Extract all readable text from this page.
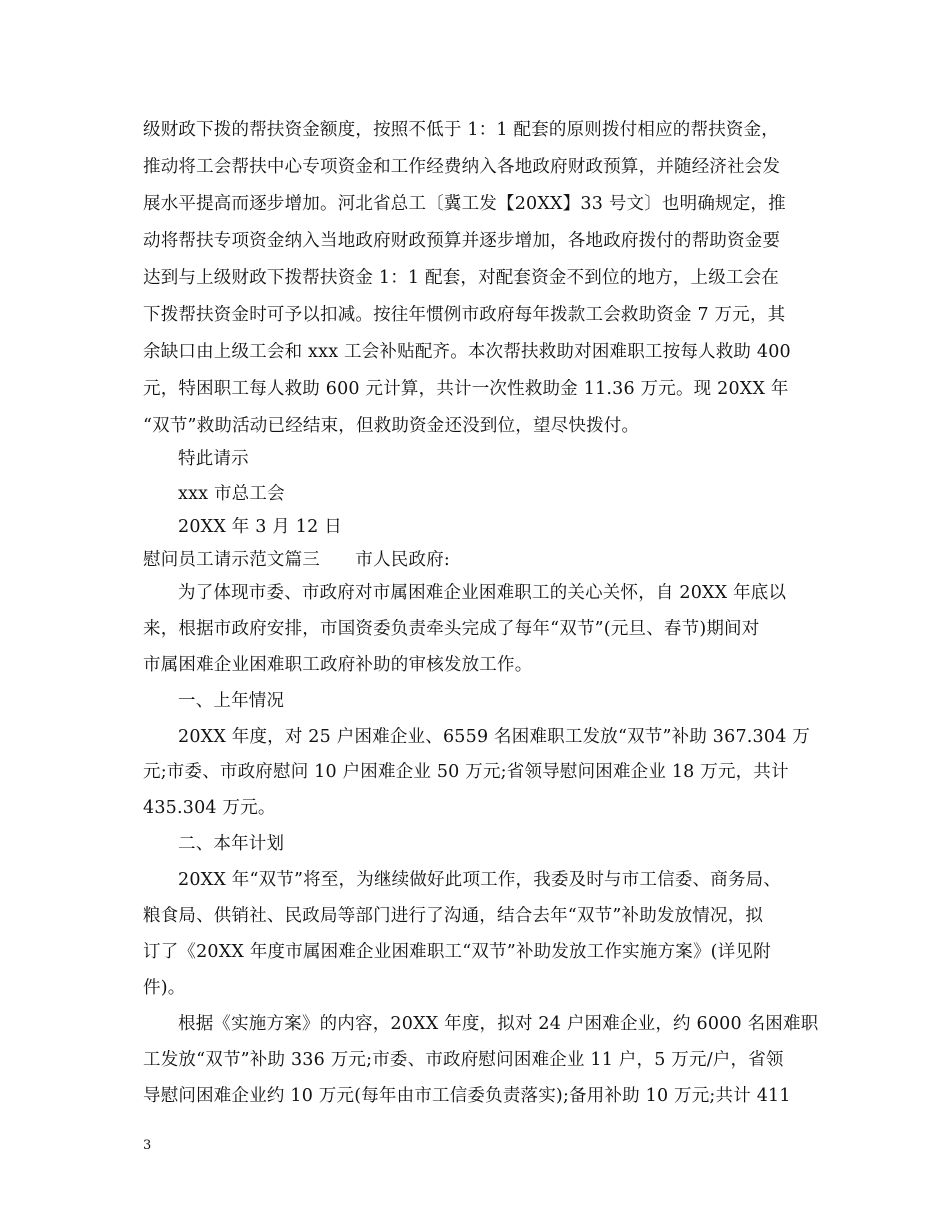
级财政下拨的帮扶资金额度，按照不低于 1：1 配套的原则拨付相应的帮扶资金，
推动将工会帮扶中心专项资金和工作经费纳入各地政府财政预算，并随经济社会发
展水平提高而逐步增加。河北省总工〔冀工发【20XX】33 号文〕也明确规定，推
动将帮扶专项资金纳入当地政府财政预算并逐步增加，各地政府拨付的帮助资金要
达到与上级财政下拨帮扶资金 1：1 配套，对配套资金不到位的地方，上级工会在
下拨帮扶资金时可予以扣减。按往年惯例市政府每年拨款工会救助资金 7 万元，其
余缺口由上级工会和 xxx 工会补贴配齐。本次帮扶救助对困难职工按每人救助 400
元，特困职工每人救助 600 元计算，共计一次性救助金 11.36 万元。现 20XX 年
“双节”救助活动已经结束，但救助资金还没到位，望尽快拨付。
特此请示
xxx 市总工会
20XX 年 3 月 12 日
慰问员工请示范文篇三　　市人民政府:
为了体现市委、市政府对市属困难企业困难职工的关心关怀，自 20XX 年底以
来，根据市政府安排，市国资委负责牵头完成了每年“双节”(元旦、春节)期间对
市属困难企业困难职工政府补助的审核发放工作。
一、上年情况
20XX 年度，对 25 户困难企业、6559 名困难职工发放“双节”补助 367.304 万
元;市委、市政府慰问 10 户困难企业 50 万元;省领导慰问困难企业 18 万元，共计
435.304 万元。
二、本年计划
20XX 年“双节”将至，为继续做好此项工作，我委及时与市工信委、商务局、
粮食局、供销社、民政局等部门进行了沟通，结合去年“双节”补助发放情况，拟
订了《20XX 年度市属困难企业困难职工“双节”补助发放工作实施方案》(详见附
件)。
根据《实施方案》的内容，20XX 年度，拟对 24 户困难企业，约 6000 名困难职
工发放“双节”补助 336 万元;市委、市政府慰问困难企业 11 户，5 万元/户，省领
导慰问困难企业约 10 万元(每年由市工信委负责落实);备用补助 10 万元;共计 411
3
